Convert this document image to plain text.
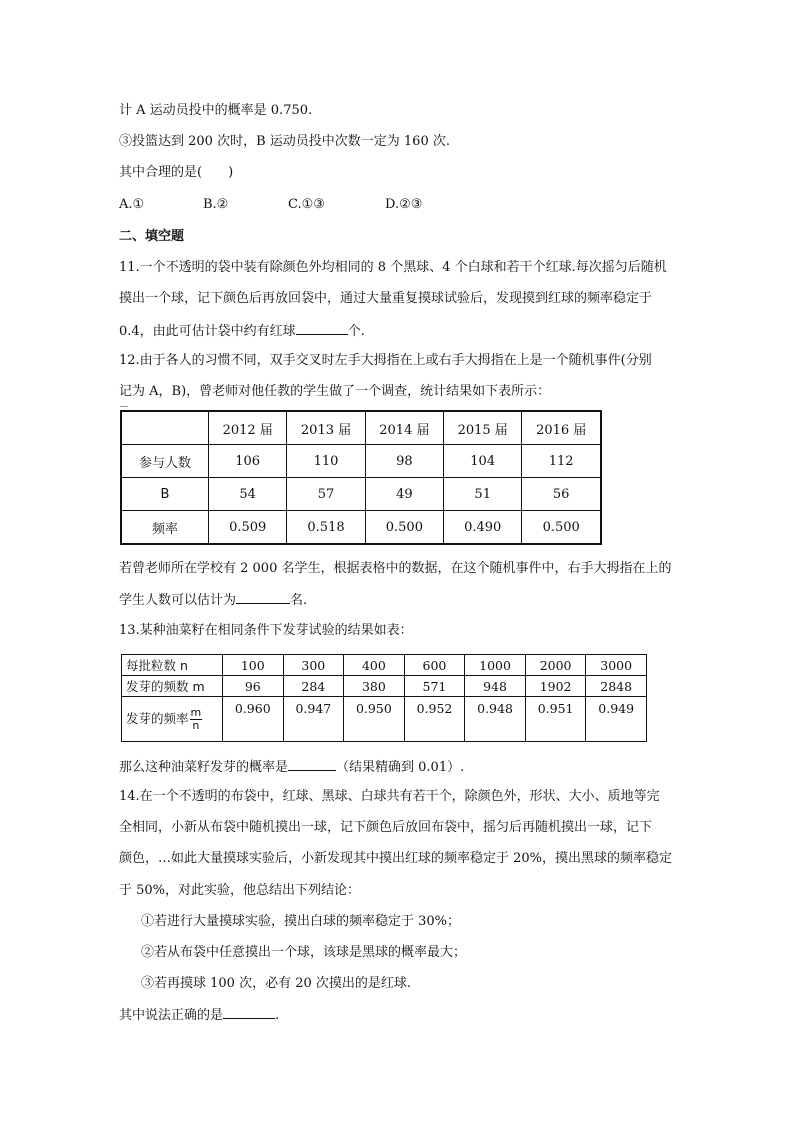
计 A 运动员投中的概率是 0.750.
③投篮达到 200 次时，B 运动员投中次数一定为 160 次.
其中合理的是(　　)
A.①	B.②	C.①③	D.②③
二、填空题
11.一个不透明的袋中装有除颜色外均相同的 8 个黑球、4 个白球和若干个红球.每次摇匀后随机
摸出一个球，记下颜色后再放回袋中，通过大量重复摸球试验后，发现摸到红球的频率稳定于
0.4，由此可估计袋中约有红球	个.
12.由于各人的习惯不同，双手交叉时左手大拇指在上或右手大拇指在上是一个随机事件(分别
记为 A，B)，曾老师对他任教的学生做了一个调查，统计结果如下表所示：
	2012 届	2013 届	2014 届	2015 届	2016 届
参与人数	106	110	98	104	112
B	54	57	49	51	56
频率	0.509	0.518	0.500	0.490	0.500
若曾老师所在学校有 2 000 名学生，根据表格中的数据，在这个随机事件中，右手大拇指在上的
学生人数可以估计为	名.
13.某种油菜籽在相同条件下发芽试验的结果如表：
每批粒数 n	100	300	400	600	1000	2000	3000
发芽的频数 m	96	284	380	571	948	1902	2848
发芽的频率 $\frac{m}{n}$	0.960	0.947	0.950	0.952	0.948	0.951	0.949
那么这种油菜籽发芽的概率是	（结果精确到 0.01）.
14.在一个不透明的布袋中，红球、黑球、白球共有若干个，除颜色外，形状、大小、质地等完
全相同，小新从布袋中随机摸出一球，记下颜色后放回布袋中，摇匀后再随机摸出一球，记下
颜色，…如此大量摸球实验后，小新发现其中摸出红球的频率稳定于 20%，摸出黑球的频率稳定
于 50%，对此实验，他总结出下列结论：
①若进行大量摸球实验，摸出白球的频率稳定于 30%；
②若从布袋中任意摸出一个球，该球是黑球的概率最大；
③若再摸球 100 次，必有 20 次摸出的是红球.
其中说法正确的是	.
